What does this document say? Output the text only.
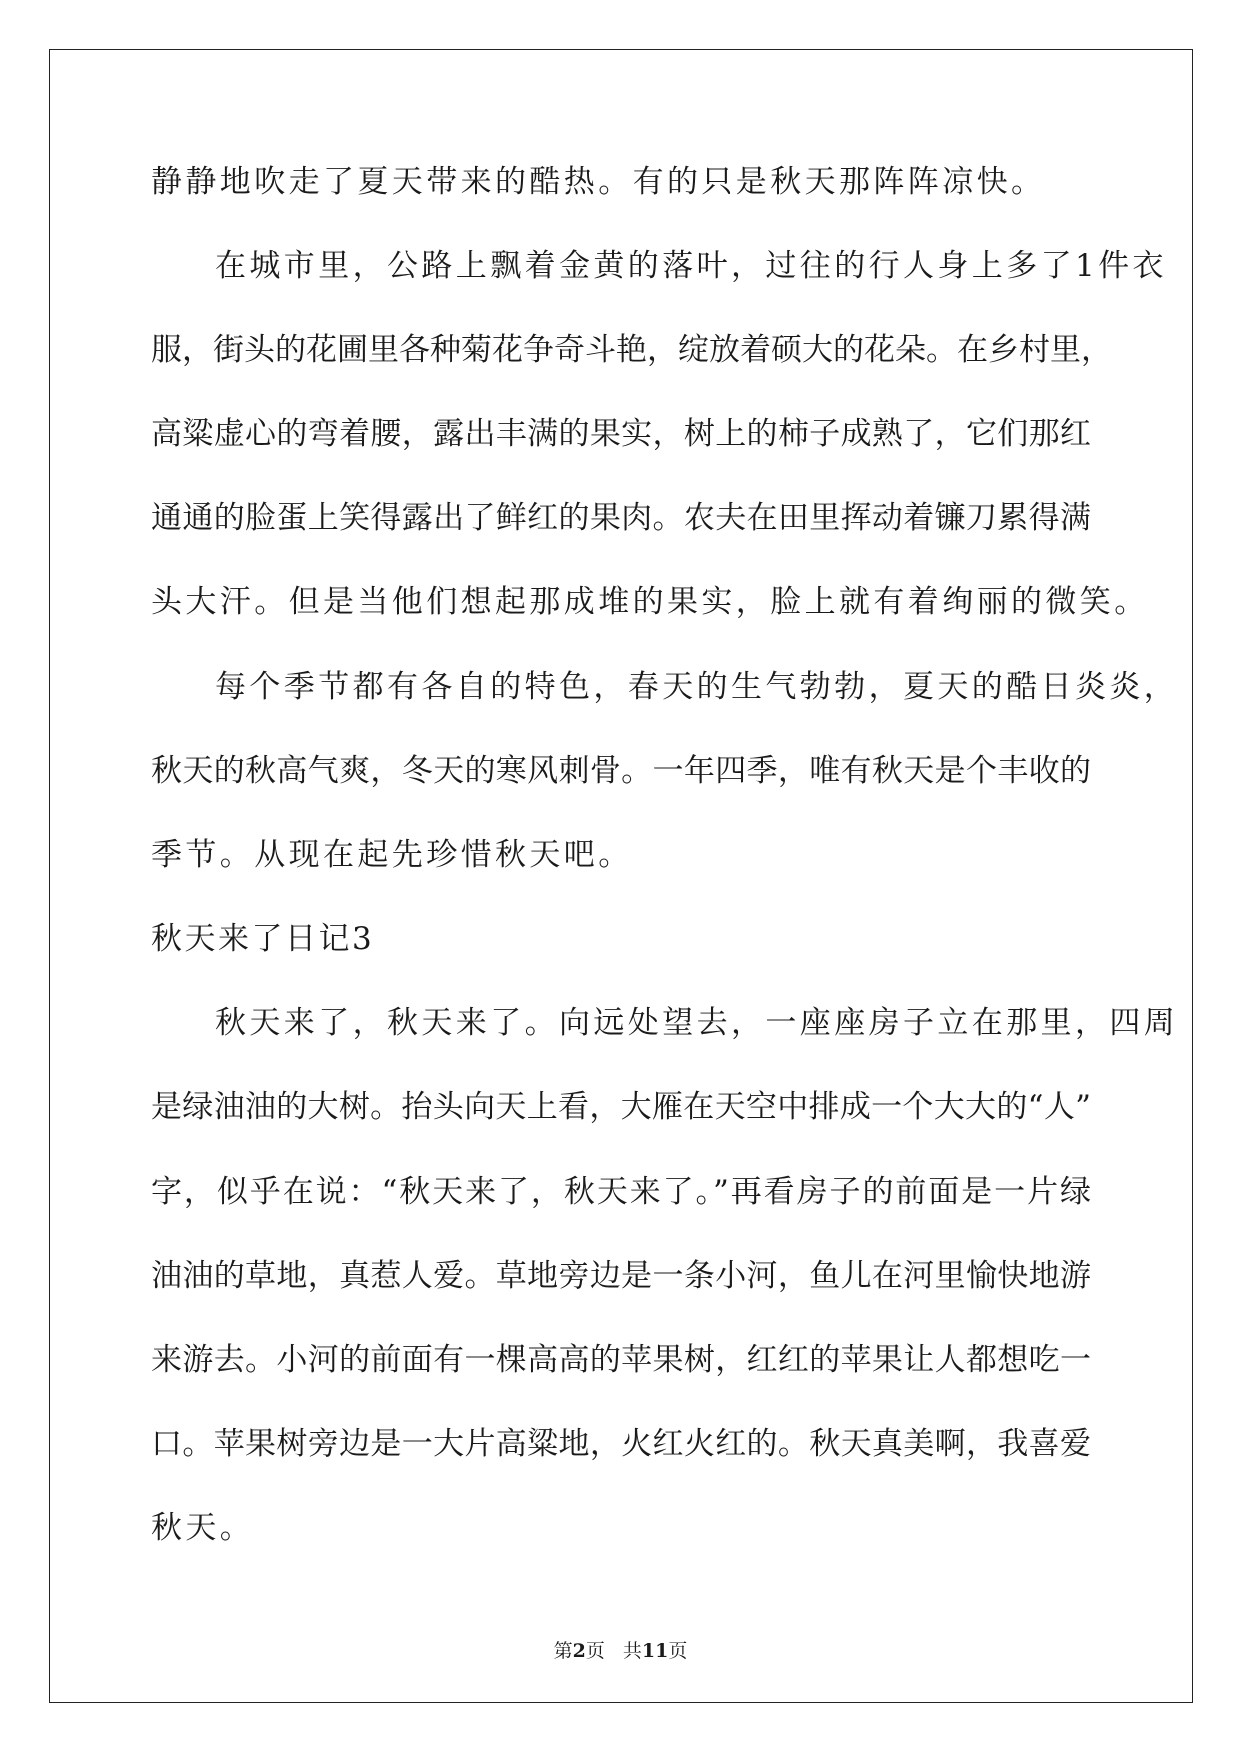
静静地吹走了夏天带来的酷热。有的只是秋天那阵阵凉快。
在城市里，公路上飘着金黄的落叶，过往的行人身上多了1件衣
服，街头的花圃里各种菊花争奇斗艳，绽放着硕大的花朵。在乡村里，
高粱虚心的弯着腰，露出丰满的果实，树上的柿子成熟了，它们那红
通通的脸蛋上笑得露出了鲜红的果肉。农夫在田里挥动着镰刀累得满
头大汗。但是当他们想起那成堆的果实，脸上就有着绚丽的微笑。
每个季节都有各自的特色，春天的生气勃勃，夏天的酷日炎炎，
秋天的秋高气爽，冬天的寒风刺骨。一年四季，唯有秋天是个丰收的
季节。从现在起先珍惜秋天吧。
秋天来了日记3
秋天来了，秋天来了。向远处望去，一座座房子立在那里，四周
是绿油油的大树。抬头向天上看，大雁在天空中排成一个大大的“人”
字，似乎在说：“秋天来了，秋天来了。”再看房子的前面是一片绿
油油的草地，真惹人爱。草地旁边是一条小河，鱼儿在河里愉快地游
来游去。小河的前面有一棵高高的苹果树，红红的苹果让人都想吃一
口。苹果树旁边是一大片高粱地，火红火红的。秋天真美啊，我喜爱
秋天。
第2页 共11页
